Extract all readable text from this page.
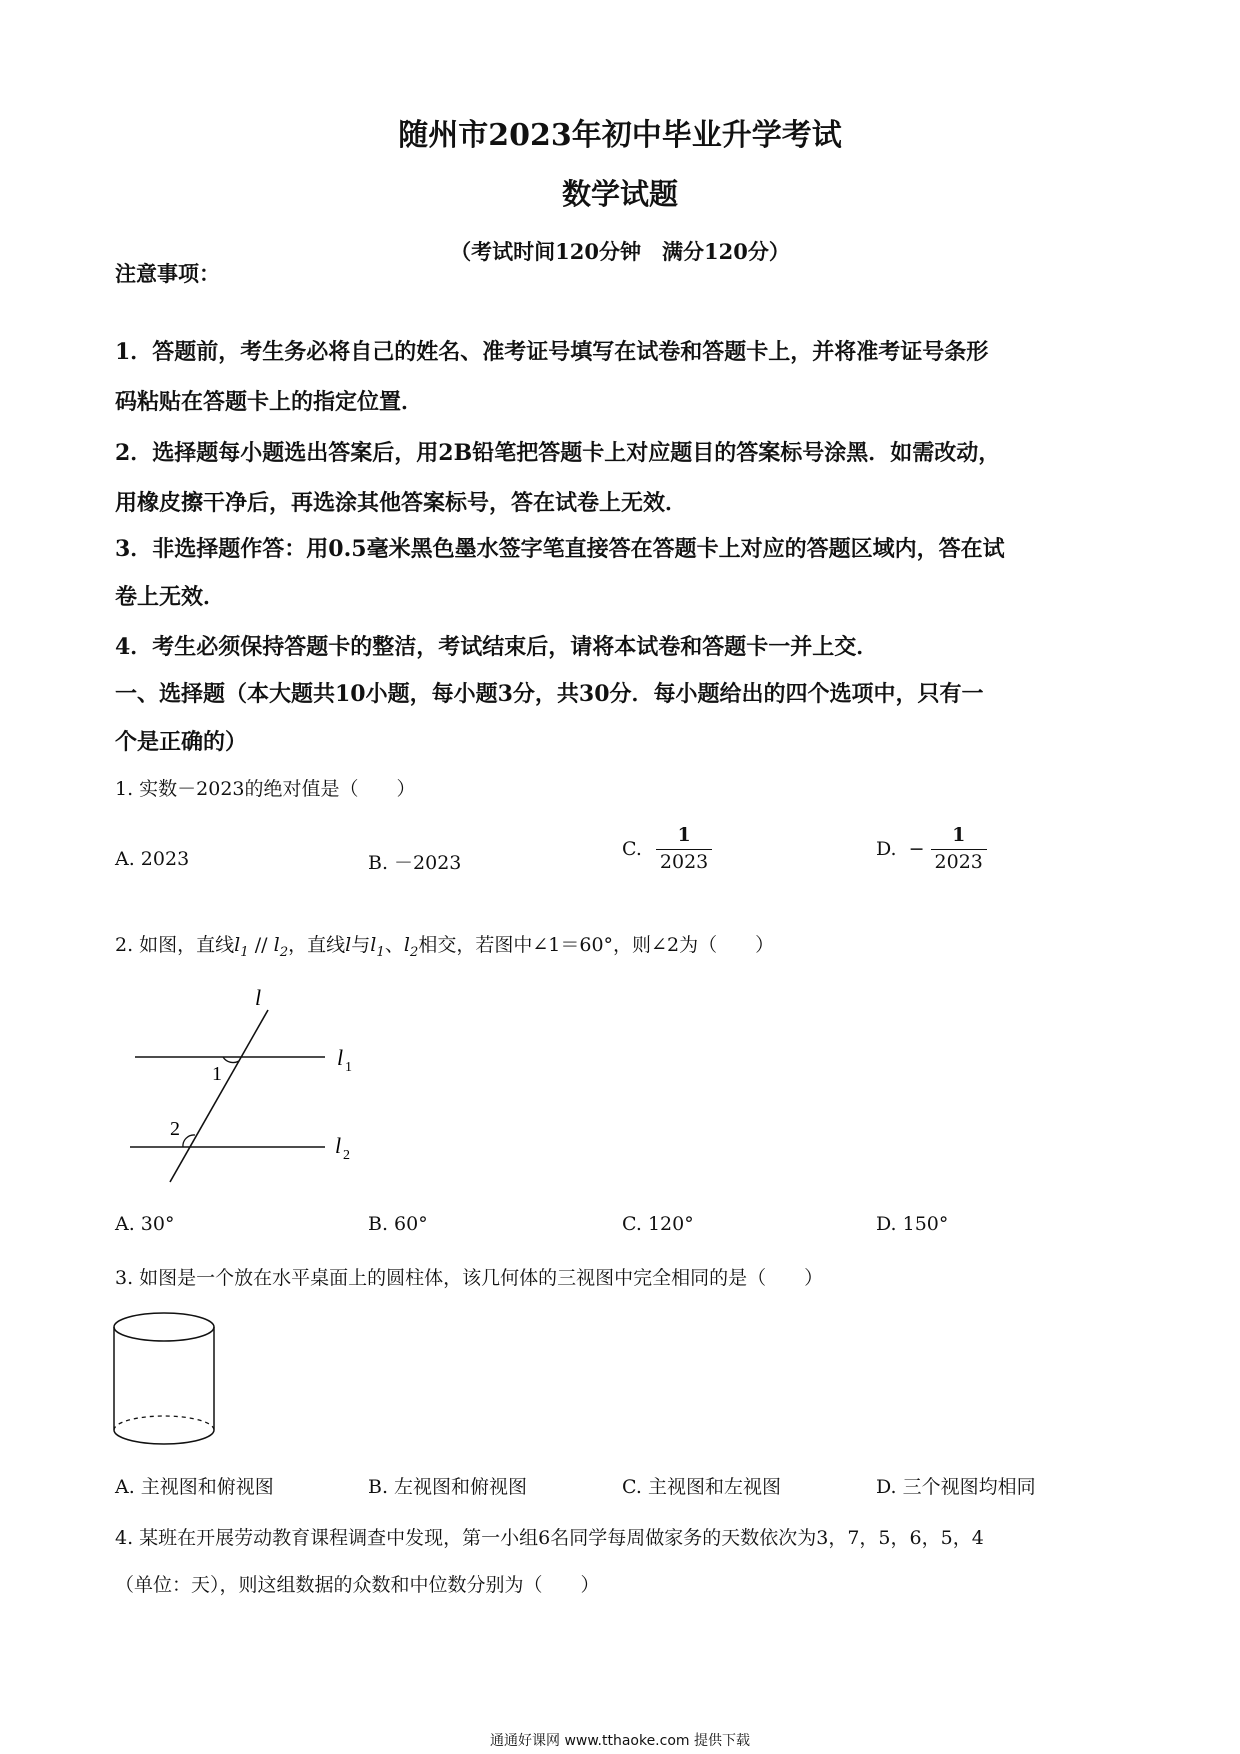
随州市2023年初中毕业升学考试
数学试题
（考试时间120分钟　满分120分）
注意事项：
1．答题前，考生务必将自己的姓名、准考证号填写在试卷和答题卡上，并将准考证号条形
码粘贴在答题卡上的指定位置．
2．选择题每小题选出答案后，用2B铅笔把答题卡上对应题目的答案标号涂黑．如需改动，
用橡皮擦干净后，再选涂其他答案标号，答在试卷上无效．
3．非选择题作答：用0.5毫米黑色墨水签字笔直接答在答题卡上对应的答题区域内，答在试
卷上无效．
4．考生必须保持答题卡的整洁，考试结束后，请将本试卷和答题卡一并上交．
一、选择题（本大题共10小题，每小题3分，共30分．每小题给出的四个选项中，只有一
个是正确的）
1. 实数－2023的绝对值是（　　）
A. 2023	B. －2023
C. $\frac{1}{2023}$	D. − $\frac{1}{2023}$
2. 如图，直线$l_1 // l_2$，直线l与$l_1$、$l_2$相交，若图中∠1＝60°，则∠2为（　　）
l
l 1
l 2
1
2
A. 30°	B. 60°	C. 120°	D. 150°
3. 如图是一个放在水平桌面上的圆柱体，该几何体的三视图中完全相同的是（　　）
A. 主视图和俯视图	B. 左视图和俯视图	C. 主视图和左视图	D. 三个视图均相同
4. 某班在开展劳动教育课程调查中发现，第一小组6名同学每周做家务的天数依次为3，7，5，6，5，4
（单位：天），则这组数据的众数和中位数分别为（　　）
通通好课网 www.tthaoke.com 提供下载
